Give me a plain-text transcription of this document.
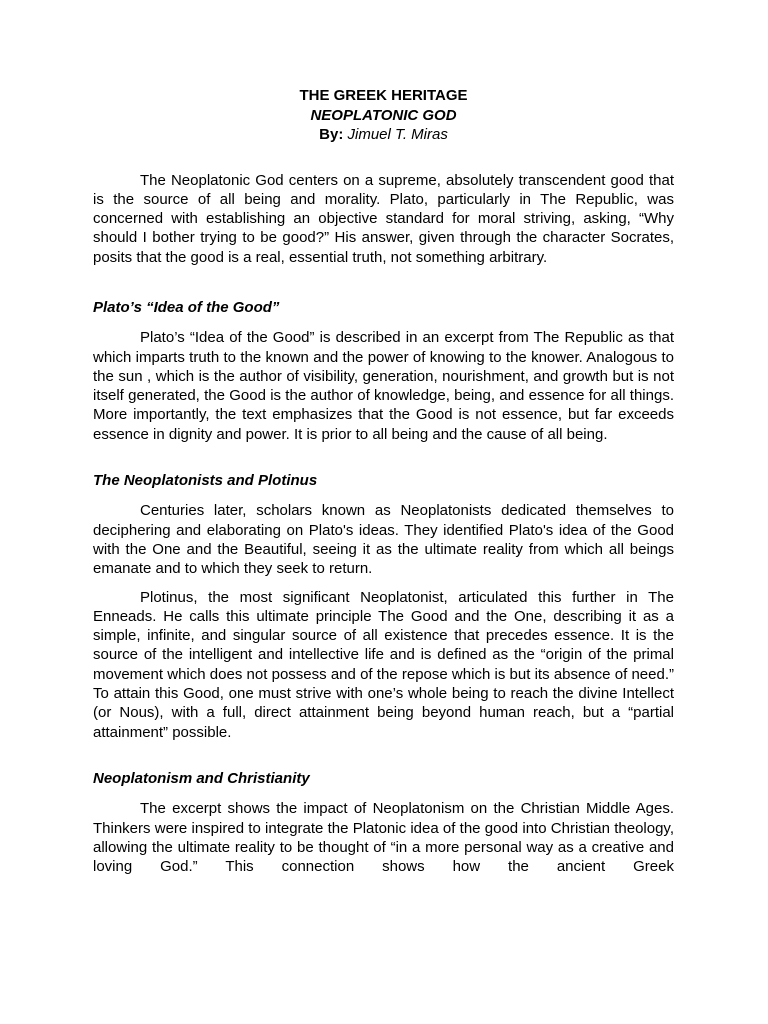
THE GREEK HERITAGE
NEOPLATONIC GOD
By: Jimuel T. Miras

The Neoplatonic God centers on a supreme, absolutely transcendent good that is the source of all being and morality. Plato, particularly in The Republic, was concerned with establishing an objective standard for moral striving, asking, “Why should I bother trying to be good?” His answer, given through the character Socrates, posits that the good is a real, essential truth, not something arbitrary.

Plato’s “Idea of the Good”

Plato’s “Idea of the Good” is described in an excerpt from The Republic as that which imparts truth to the known and the power of knowing to the knower. Analogous to the sun , which is the author of visibility, generation, nourishment, and growth but is not itself generated, the Good is the author of knowledge, being, and essence for all things. More importantly, the text emphasizes that the Good is not essence, but far exceeds essence in dignity and power. It is prior to all being and the cause of all being.

The Neoplatonists and Plotinus

Centuries later, scholars known as Neoplatonists dedicated themselves to deciphering and elaborating on Plato's ideas. They identified Plato's idea of the Good with the One and the Beautiful, seeing it as the ultimate reality from which all beings emanate and to which they seek to return.

Plotinus, the most significant Neoplatonist, articulated this further in The Enneads. He calls this ultimate principle The Good and the One, describing it as a simple, infinite, and singular source of all existence that precedes essence. It is the source of the intelligent and intellective life and is defined as the “origin of the primal movement which does not possess and of the repose which is but its absence of need.” To attain this Good, one must strive with one’s whole being to reach the divine Intellect (or Nous), with a full, direct attainment being beyond human reach, but a “partial attainment” possible.

Neoplatonism and Christianity

The excerpt shows the impact of Neoplatonism on the Christian Middle Ages. Thinkers were inspired to integrate the Platonic idea of the good into Christian theology, allowing the ultimate reality to be thought of “in a more personal way as a creative and loving God.” This connection shows how the ancient Greek
